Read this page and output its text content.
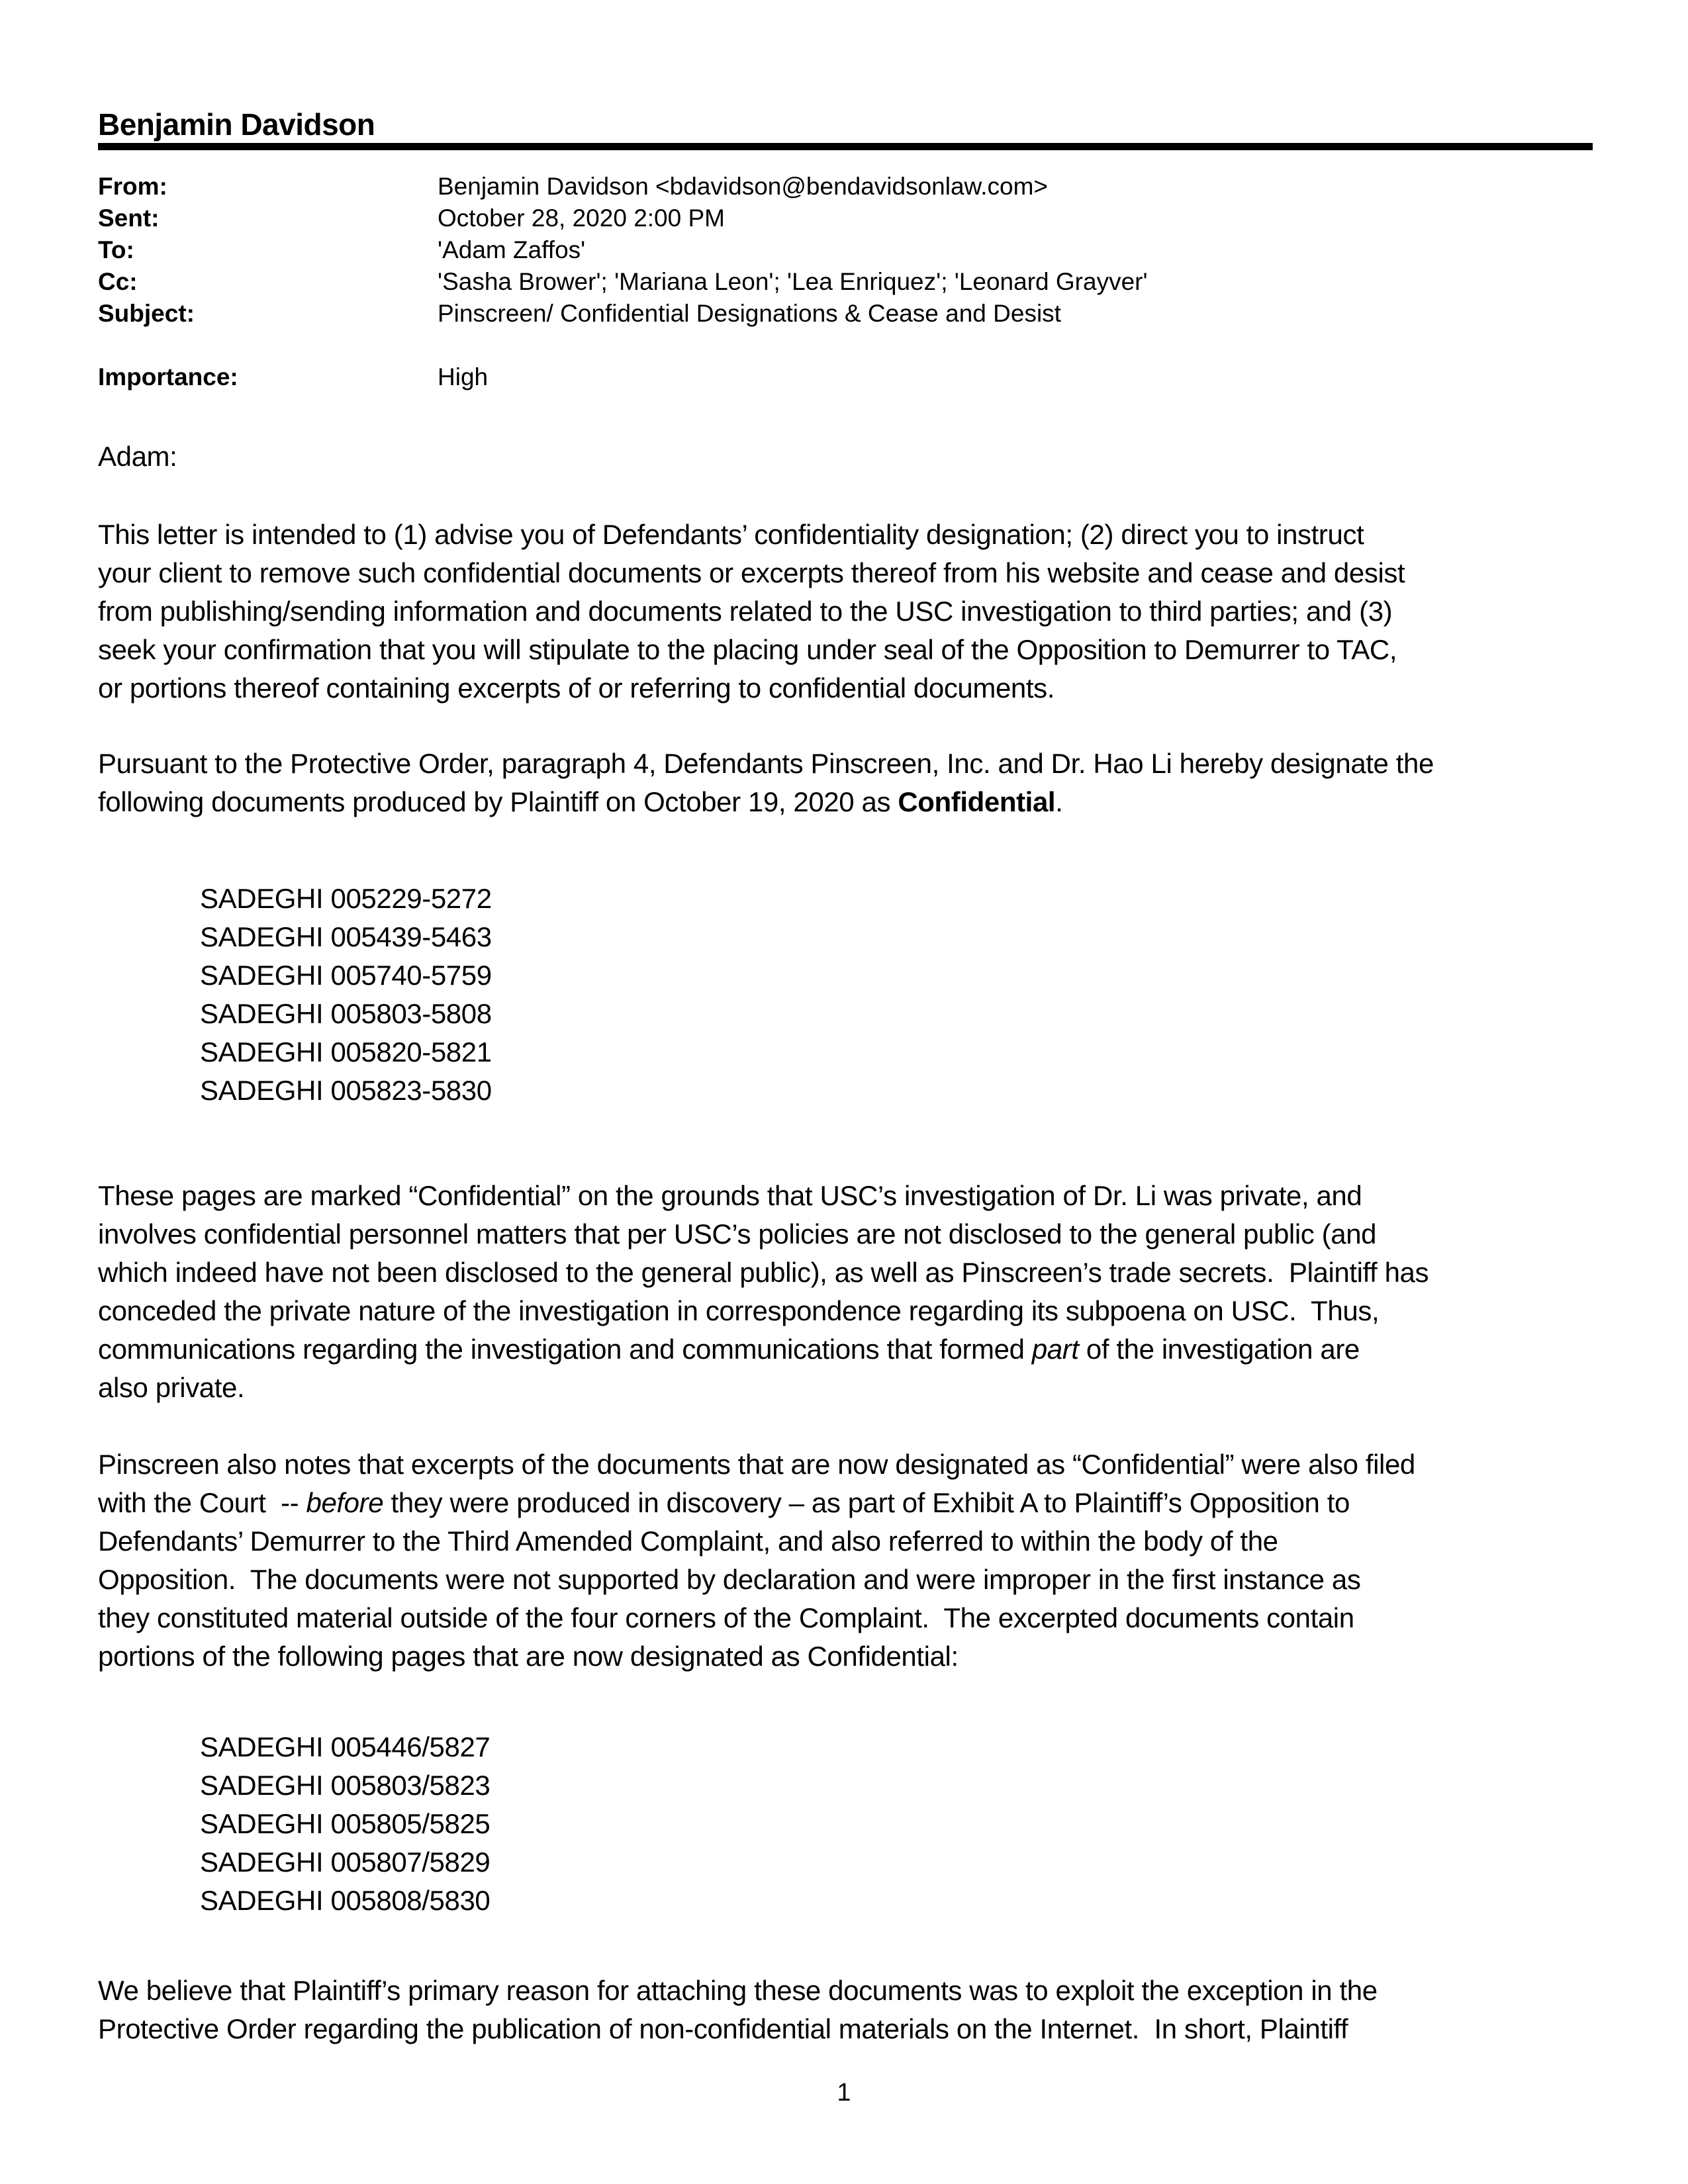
Benjamin Davidson
From:	Benjamin Davidson <bdavidson@bendavidsonlaw.com>
Sent:	October 28, 2020 2:00 PM
To:	'Adam Zaffos'
Cc:	'Sasha Brower'; 'Mariana Leon'; 'Lea Enriquez'; 'Leonard Grayver'
Subject:	Pinscreen/ Confidential Designations & Cease and Desist
Importance:	High
Adam:
This letter is intended to (1) advise you of Defendants’ confidentiality designation; (2) direct you to instruct
your client to remove such confidential documents or excerpts thereof from his website and cease and desist
from publishing/sending information and documents related to the USC investigation to third parties; and (3)
seek your confirmation that you will stipulate to the placing under seal of the Opposition to Demurrer to TAC,
or portions thereof containing excerpts of or referring to confidential documents.
Pursuant to the Protective Order, paragraph 4, Defendants Pinscreen, Inc. and Dr. Hao Li hereby designate the
following documents produced by Plaintiff on October 19, 2020 as Confidential.
SADEGHI 005229-5272
SADEGHI 005439-5463
SADEGHI 005740-5759
SADEGHI 005803-5808
SADEGHI 005820-5821
SADEGHI 005823-5830
These pages are marked “Confidential” on the grounds that USC’s investigation of Dr. Li was private, and
involves confidential personnel matters that per USC’s policies are not disclosed to the general public (and
which indeed have not been disclosed to the general public), as well as Pinscreen’s trade secrets.  Plaintiff has
conceded the private nature of the investigation in correspondence regarding its subpoena on USC.  Thus,
communications regarding the investigation and communications that formed part of the investigation are
also private.
Pinscreen also notes that excerpts of the documents that are now designated as “Confidential” were also filed
with the Court  -- before they were produced in discovery – as part of Exhibit A to Plaintiff’s Opposition to
Defendants’ Demurrer to the Third Amended Complaint, and also referred to within the body of the
Opposition.  The documents were not supported by declaration and were improper in the first instance as
they constituted material outside of the four corners of the Complaint.  The excerpted documents contain
portions of the following pages that are now designated as Confidential:
SADEGHI 005446/5827
SADEGHI 005803/5823
SADEGHI 005805/5825
SADEGHI 005807/5829
SADEGHI 005808/5830
We believe that Plaintiff’s primary reason for attaching these documents was to exploit the exception in the
Protective Order regarding the publication of non-confidential materials on the Internet.  In short, Plaintiff
1
